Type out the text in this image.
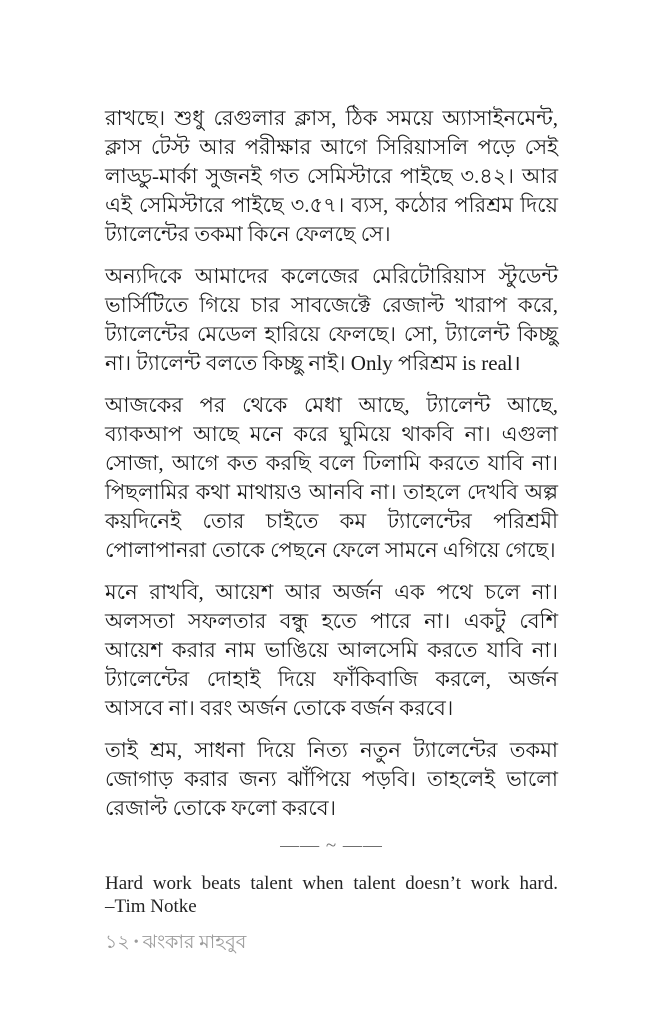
রাখছে। শুধু রেগুলার ক্লাস, ঠিক সময়ে অ্যাসাইনমেন্ট, ক্লাস টেস্ট আর পরীক্ষার আগে সিরিয়াসলি পড়ে সেই লাড্ডু-মার্কা সুজনই গত সেমিস্টারে পাইছে ৩.৪২। আর এই সেমিস্টারে পাইছে ৩.৫৭। ব্যস, কঠোর পরিশ্রম দিয়ে ট্যালেন্টের তকমা কিনে ফেলছে সে।

অন্যদিকে আমাদের কলেজের মেরিটোরিয়াস স্টুডেন্ট ভার্সিটিতে গিয়ে চার সাবজেক্টে রেজাল্ট খারাপ করে, ট্যালেন্টের মেডেল হারিয়ে ফেলছে। সো, ট্যালেন্ট কিচ্ছু না। ট্যালেন্ট বলতে কিচ্ছু নাই। Only পরিশ্রম is real।

আজকের পর থেকে মেধা আছে, ট্যালেন্ট আছে, ব্যাকআপ আছে মনে করে ঘুমিয়ে থাকবি না। এগুলা সোজা, আগে কত করছি বলে ঢিলামি করতে যাবি না। পিছলামির কথা মাথায়ও আনবি না। তাহলে দেখবি অল্প কয়দিনেই তোর চাইতে কম ট্যালেন্টের পরিশ্রমী পোলাপানরা তোকে পেছনে ফেলে সামনে এগিয়ে গেছে।

মনে রাখবি, আয়েশ আর অর্জন এক পথে চলে না। অলসতা সফলতার বন্ধু হতে পারে না। একটু বেশি আয়েশ করার নাম ভাঙিয়ে আলসেমি করতে যাবি না। ট্যালেন্টের দোহাই দিয়ে ফাঁকিবাজি করলে, অর্জন আসবে না। বরং অর্জন তোকে বর্জন করবে।

তাই শ্রম, সাধনা দিয়ে নিত্য নতুন ট্যালেন্টের তকমা জোগাড় করার জন্য ঝাঁপিয়ে পড়বি। তাহলেই ভালো রেজাল্ট তোকে ফলো করবে।

—— ~ ——
Hard work beats talent when talent doesn’t work hard.
–Tim Notke
১২ • ঝংকার মাহবুব
